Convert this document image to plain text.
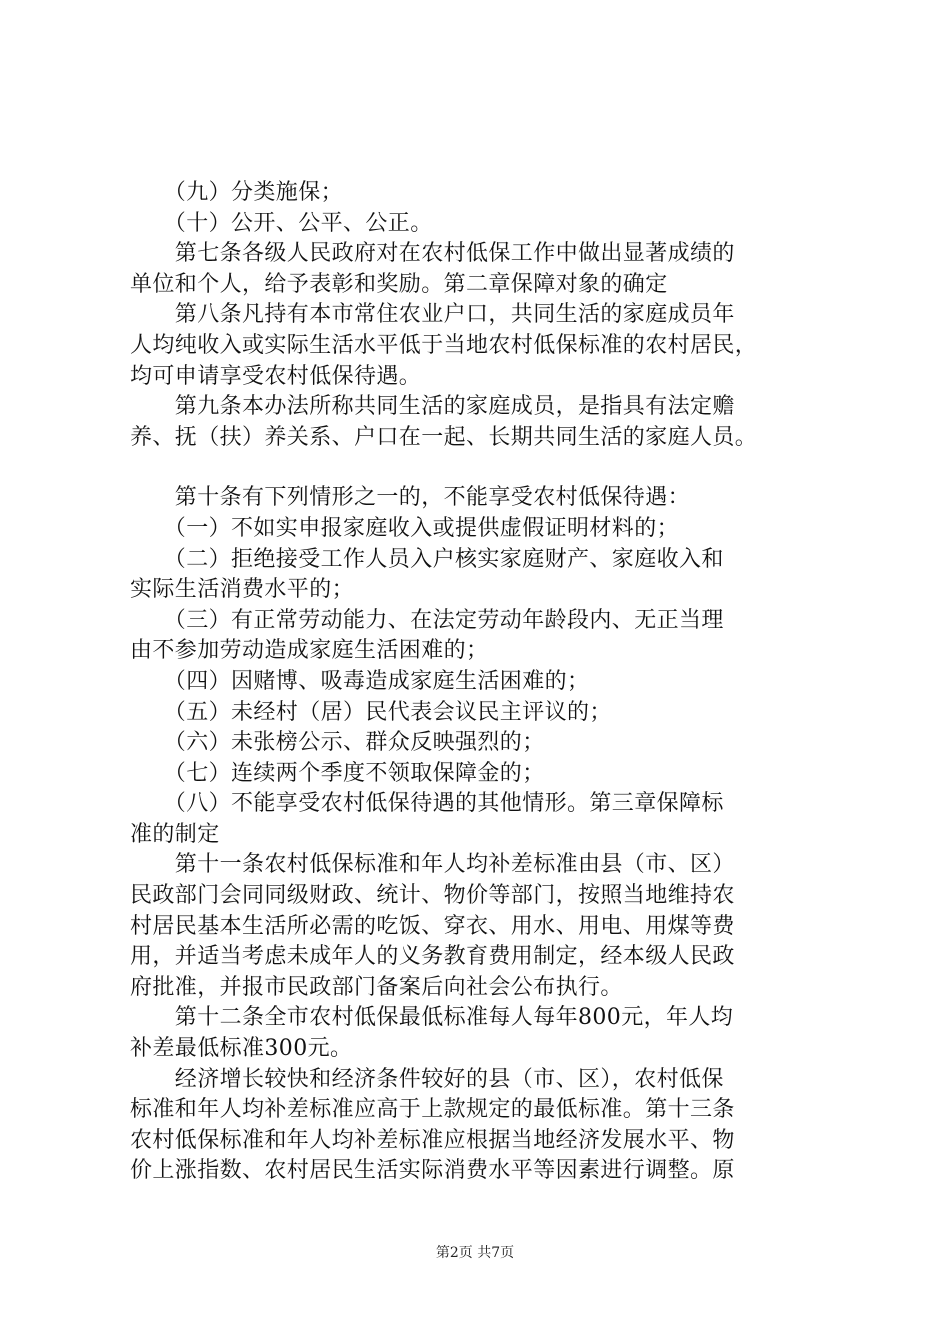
　　（九）分类施保；
　　（十）公开、公平、公正。
　　第七条各级人民政府对在农村低保工作中做出显著成绩的
单位和个人，给予表彰和奖励。第二章保障对象的确定
　　第八条凡持有本市常住农业户口，共同生活的家庭成员年
人均纯收入或实际生活水平低于当地农村低保标准的农村居民，
均可申请享受农村低保待遇。
　　第九条本办法所称共同生活的家庭成员，是指具有法定赡
养、抚（扶）养关系、户口在一起、长期共同生活的家庭人员。
　　第十条有下列情形之一的，不能享受农村低保待遇：
　　（一）不如实申报家庭收入或提供虚假证明材料的；
　　（二）拒绝接受工作人员入户核实家庭财产、家庭收入和
实际生活消费水平的；
　　（三）有正常劳动能力、在法定劳动年龄段内、无正当理
由不参加劳动造成家庭生活困难的；
　　（四）因赌博、吸毒造成家庭生活困难的；
　　（五）未经村（居）民代表会议民主评议的；
　　（六）未张榜公示、群众反映强烈的；
　　（七）连续两个季度不领取保障金的；
　　（八）不能享受农村低保待遇的其他情形。第三章保障标
准的制定
　　第十一条农村低保标准和年人均补差标准由县（市、区）
民政部门会同同级财政、统计、物价等部门，按照当地维持农
村居民基本生活所必需的吃饭、穿衣、用水、用电、用煤等费
用，并适当考虑未成年人的义务教育费用制定，经本级人民政
府批准，并报市民政部门备案后向社会公布执行。
　　第十二条全市农村低保最低标准每人每年800元，年人均
补差最低标准300元。
　　经济增长较快和经济条件较好的县（市、区），农村低保
标准和年人均补差标准应高于上款规定的最低标准。第十三条
农村低保标准和年人均补差标准应根据当地经济发展水平、物
价上涨指数、农村居民生活实际消费水平等因素进行调整。原
第2页 共7页
